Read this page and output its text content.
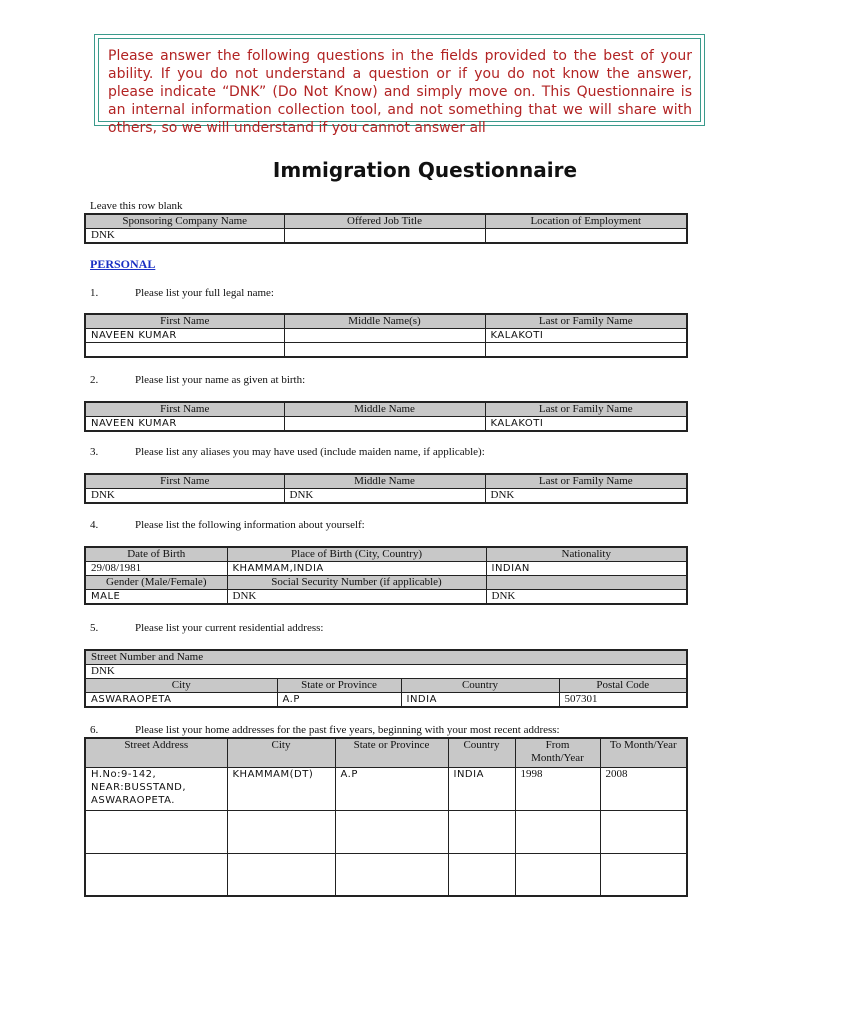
Please answer the following questions in the fields provided to the best of your ability. If you do not understand a question or if you do not know the answer, please indicate “DNK” (Do Not Know) and simply move on. This Questionnaire is an internal information collection tool, and not something that we will share with others, so we will understand if you cannot answer all

Immigration Questionnaire
Leave this row blank
Sponsoring Company Name	Offered Job Title	Location of Employment
DNK		
PERSONAL
1.	Please list your full legal name:
First Name	Middle Name(s)	Last or Family Name
NAVEEN KUMAR		KALAKOTI

2.	Please list your name as given at birth:
First Name	Middle Name	Last or Family Name
NAVEEN KUMAR		KALAKOTI
3.	Please list any aliases you may have used (include maiden name, if applicable):
First Name	Middle Name	Last or Family Name
DNK	DNK	DNK
4.	Please list the following information about yourself:
Date of Birth	Place of Birth (City, Country)	Nationality
29/08/1981	KHAMMAM,INDIA	INDIAN
Gender (Male/Female)	Social Security Number (if applicable)	
MALE	DNK	DNK
5.	Please list your current residential address:
Street Number and Name			
DNK			
City	State or Province	Country	Postal Code
ASWARAOPETA	A.P	INDIA	507301
6.	Please list your home addresses for the past five years, beginning with your most recent address:
Street Address	City	State or Province	Country	From Month/Year	To Month/Year
H.No:9-142, NEAR:BUSSTAND, ASWARAOPETA.	KHAMMAM(DT)	A.P	INDIA	1998	2008
